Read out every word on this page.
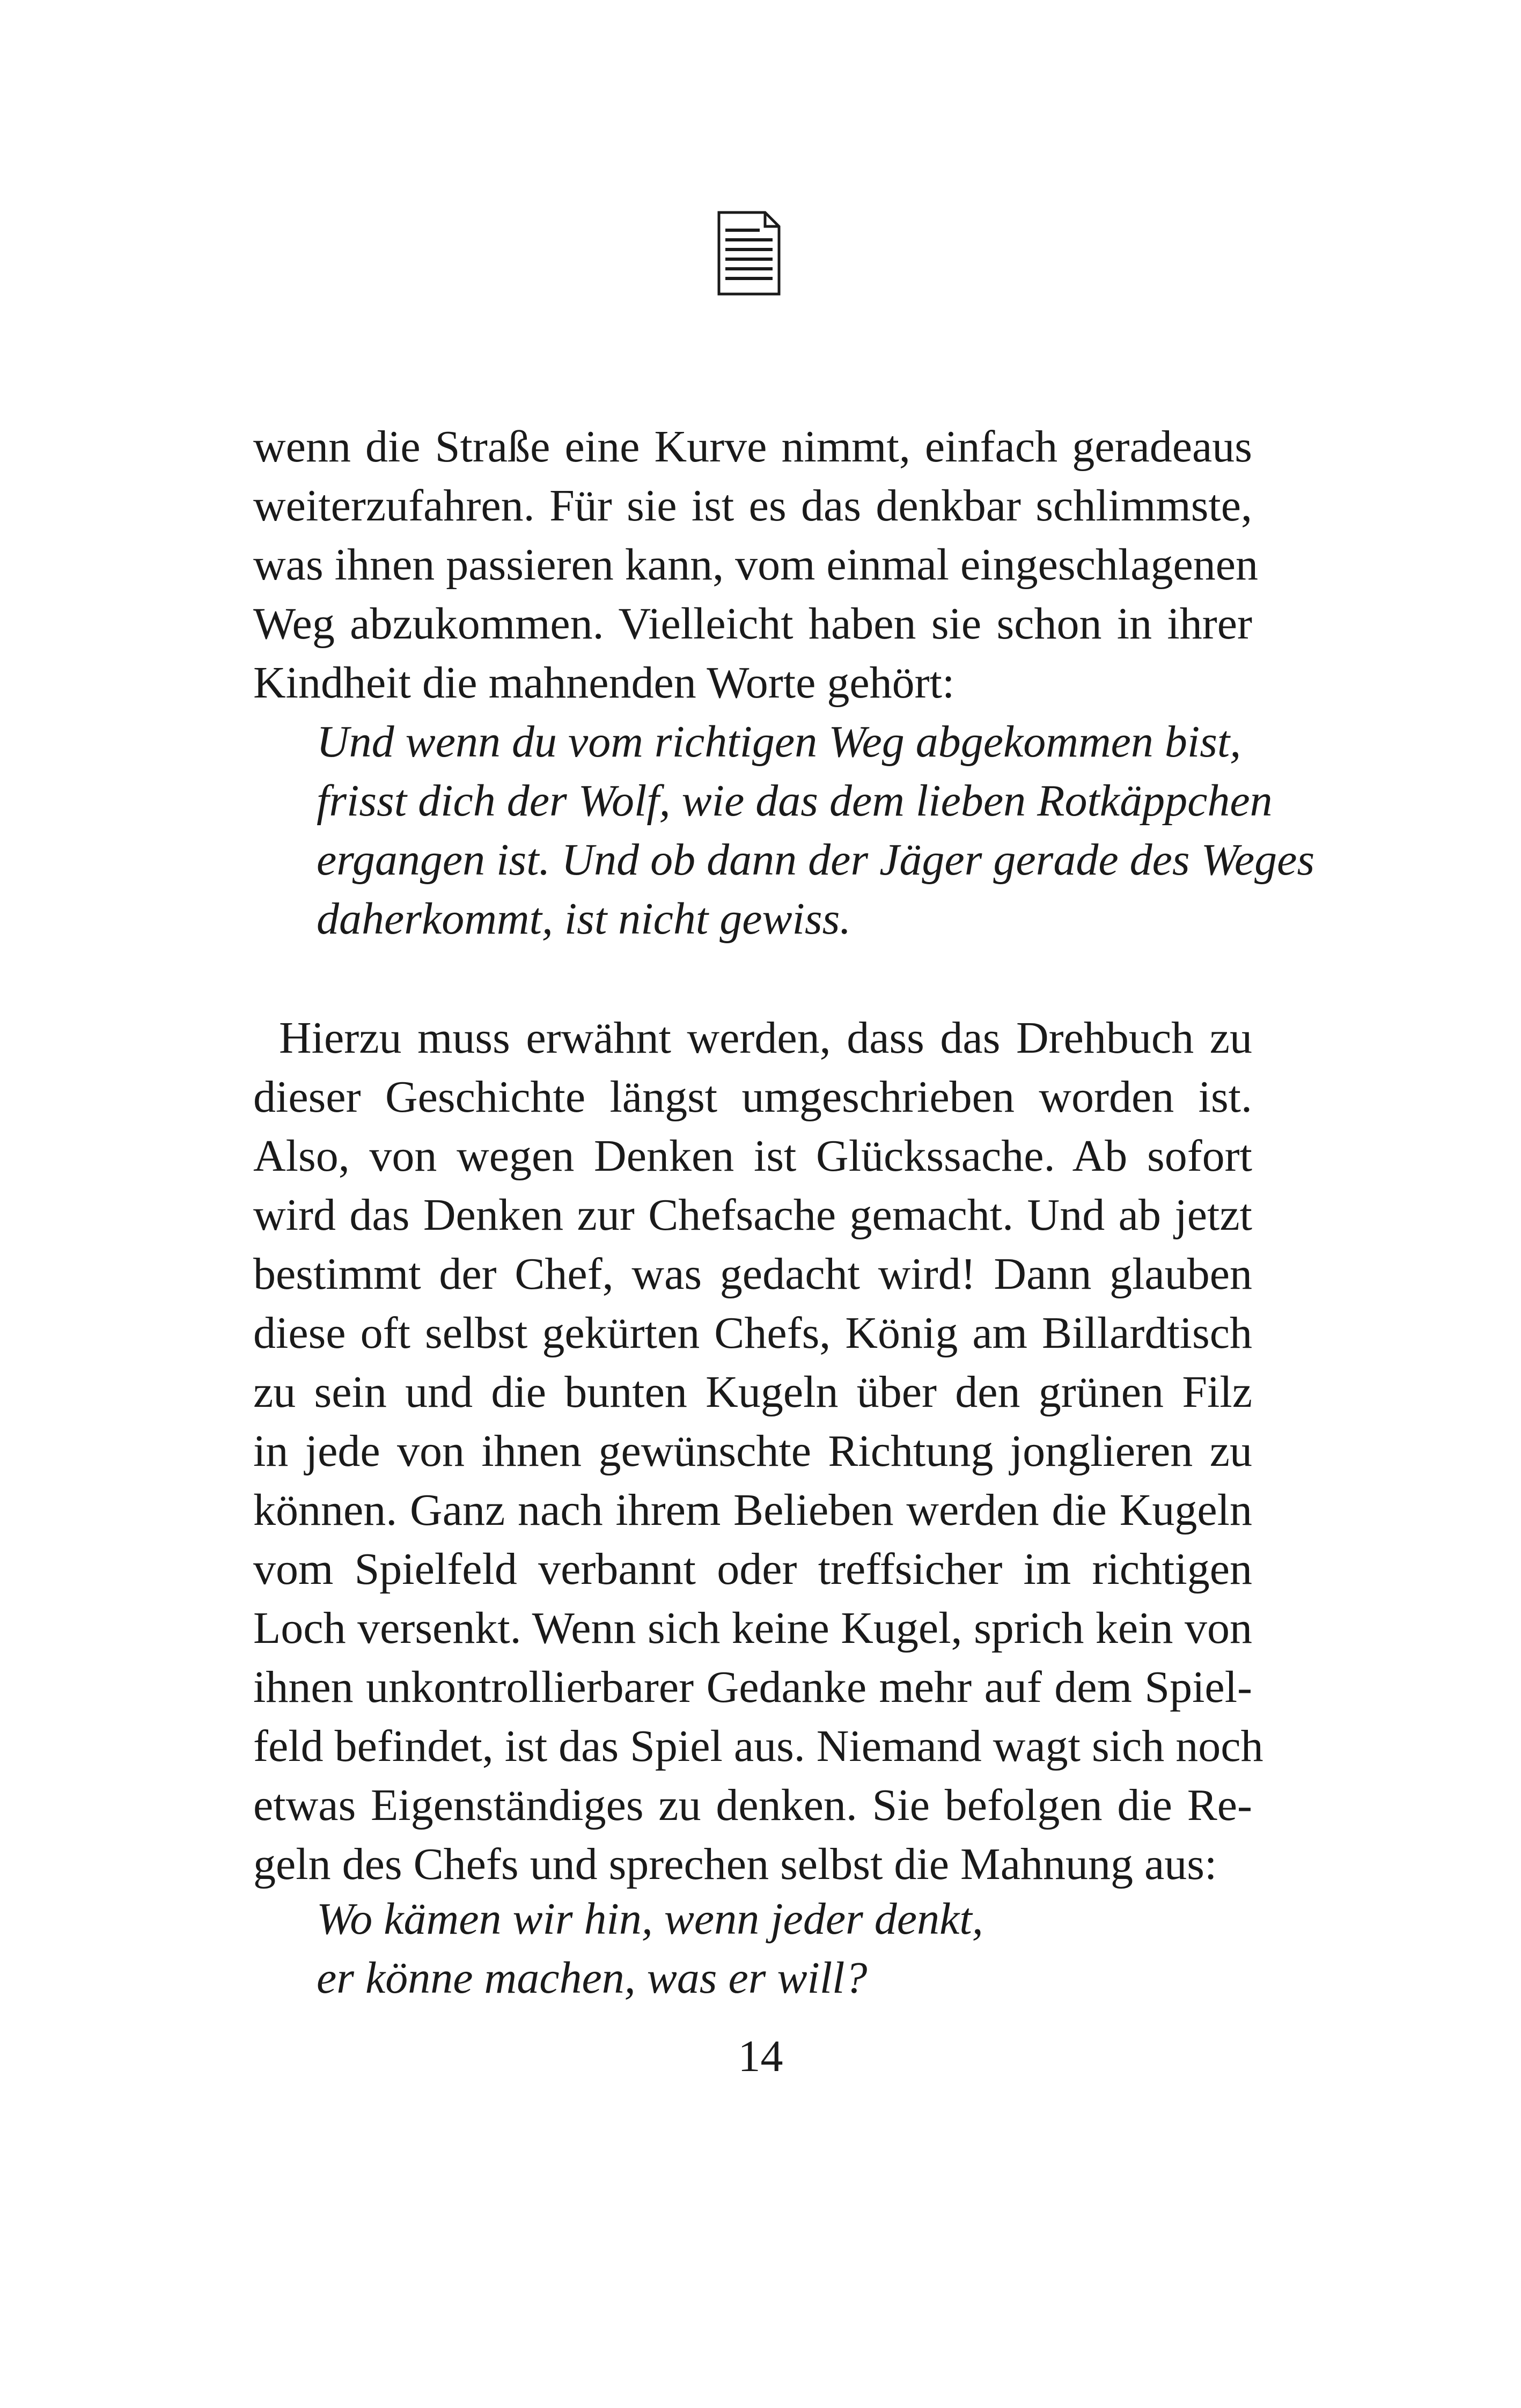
wenn die Straße eine Kurve nimmt, einfach geradeaus
weiterzufahren. Für sie ist es das denkbar schlimmste,
was ihnen passieren kann, vom einmal eingeschlagenen
Weg abzukommen. Vielleicht haben sie schon in ihrer
Kindheit die mahnenden Worte gehört:
Und wenn du vom richtigen Weg abgekommen bist,
frisst dich der Wolf, wie das dem lieben Rotkäppchen
ergangen ist. Und ob dann der Jäger gerade des Weges
daherkommt, ist nicht gewiss.
Hierzu muss erwähnt werden, dass das Drehbuch zu
dieser Geschichte längst umgeschrieben worden ist.
Also, von wegen Denken ist Glückssache. Ab sofort
wird das Denken zur Chefsache gemacht. Und ab jetzt
bestimmt der Chef, was gedacht wird! Dann glauben
diese oft selbst gekürten Chefs, König am Billardtisch
zu sein und die bunten Kugeln über den grünen Filz
in jede von ihnen gewünschte Richtung jonglieren zu
können. Ganz nach ihrem Belieben werden die Kugeln
vom Spielfeld verbannt oder treffsicher im richtigen
Loch versenkt. Wenn sich keine Kugel, sprich kein von
ihnen unkontrollierbarer Gedanke mehr auf dem Spiel-
feld befindet, ist das Spiel aus. Niemand wagt sich noch
etwas Eigenständiges zu denken. Sie befolgen die Re-
geln des Chefs und sprechen selbst die Mahnung aus:
Wo kämen wir hin, wenn jeder denkt,
er könne machen, was er will?
14
